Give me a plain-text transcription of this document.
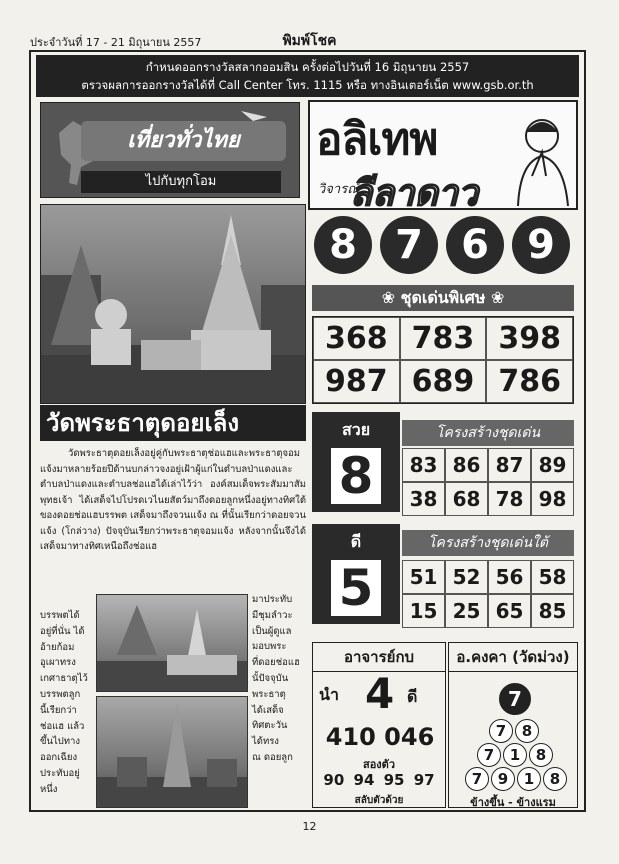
ประจำวันที่ 17 - 21 มิถุนายน 2557	พิมพ์โชค
กำหนดออกรางวัลสลากออมสิน ครั้งต่อไปวันที่ 16 มิถุนายน 2557
ตรวจผลการออกรางวัลได้ที่ Call Center โทร. 1115 หรือ ทางอินเตอร์เน็ต www.gsb.or.th
เที่ยวทั่วไทย
ไปกับทุกโอม
วัดพระธาตุดอยเล็ง
วัดพระธาตุดอยเล็งอยู่คู่กับพระธาตุช่อแฮและพระธาตุจอมแจ้งมาหลายร้อยปีด้านบกล่าวจงอยู่เฝ้าผู้แก่ในตำบลป่าแดงและตำบลป่าแดงและตำบลช่อแฮได้เล่าไว้ว่า องค์สมเด็จพระสัมมาสัมพุทธเจ้า ได้เสด็จไปโปรดเวไนยสัตว์มาถึงดอยลูกหนึ่งอยู่ทางทิศใต้ของดอยช่อแฮบรรพต เสด็จมาถึงจวนแจ้ง ณ ที่นั้นเรียกว่าดอยจวนแจ้ง (โกล่วาง) ปัจจุบันเรียกว่าพระธาตุจอมแจ้ง หลังจากนั้นจึงได้เสด็จมาทางทิศเหนือถึงช่อแฮ
บรรพตได้
อยู่ที่นั่น ได้
อ้ายก้อม
อูเผาทรง
เกศาธาตุไว้
บรรพตลูก
นี้เรียกว่า
ช่อแฮ แล้ว
ขึ้นไปทาง
ออกเฉียง
ประทับอยู่
หนึ่ง
มาประทับ
มีชุมลำวะ
เป็นผู้ดูแล
มอบพระ
ที่ดอยช่อแฮ
นั้ปัจจุบัน
พระธาตุ
ได้เสด็จ
ทิศตะวัน
ได้ทรง
ณ ดอยลูก
อลิเทพ
วิจารณ์
ลีลาดาว
8 7 6 9
❀ ชุดเด่นพิเศษ ❀
368 783 398
987 689 786
สวย
8
โครงสร้างชุดเด่น
83 86 87 89
38 68 78 98
ดี
5
โครงสร้างชุดเด่นใต้
51 52 56 58
15 25 65 85
อาจารย์กบ
นำ 4 ดี
410 046
สองตัว
90 94 95 97
สลับตัวด้วย
อ.คงคา (วัดม่วง)
7
7	8
7	1	8
7	9	1	8
ข้างขึ้น - ข้างแรม
12
